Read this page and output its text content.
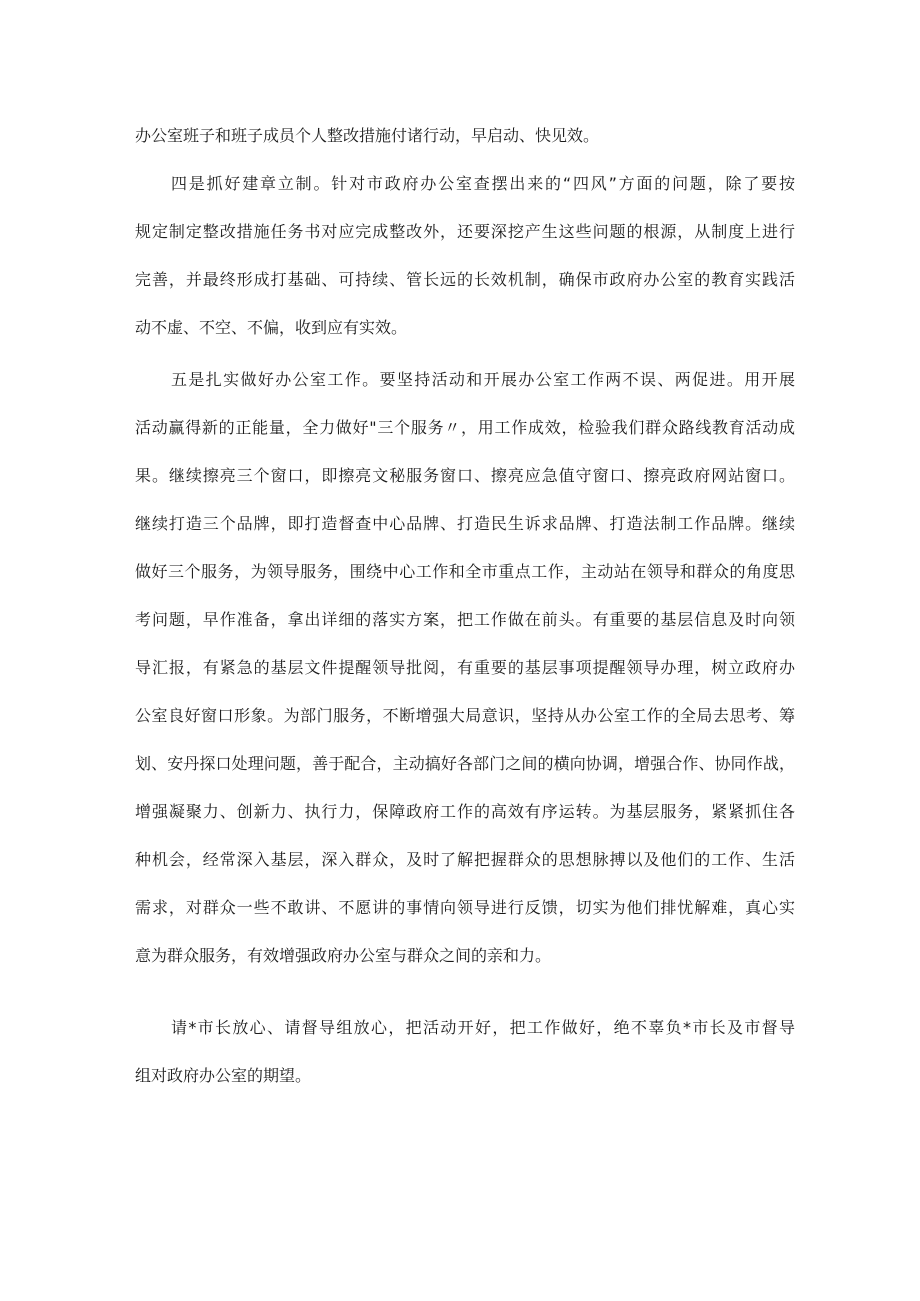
办公室班子和班子成员个人整改措施付诸行动，早启动、快见效。
四是抓好建章立制。针对市政府办公室查摆出来的“四风”方面的问题，除了要按
规定制定整改措施任务书对应完成整改外，还要深挖产生这些问题的根源，从制度上进行
完善，并最终形成打基础、可持续、管长远的长效机制，确保市政府办公室的教育实践活
动不虚、不空、不偏，收到应有实效。
五是扎实做好办公室工作。要坚持活动和开展办公室工作两不误、两促进。用开展
活动赢得新的正能量，全力做好"三个服务〃，用工作成效，检验我们群众路线教育活动成
果。继续擦亮三个窗口，即擦亮文秘服务窗口、擦亮应急值守窗口、擦亮政府网站窗口。
继续打造三个品牌，即打造督查中心品牌、打造民生诉求品牌、打造法制工作品牌。继续
做好三个服务，为领导服务，围绕中心工作和全市重点工作，主动站在领导和群众的角度思
考问题，早作准备，拿出详细的落实方案，把工作做在前头。有重要的基层信息及时向领
导汇报，有紧急的基层文件提醒领导批阅，有重要的基层事项提醒领导办理，树立政府办
公室良好窗口形象。为部门服务，不断增强大局意识，坚持从办公室工作的全局去思考、筹
划、安丹探口处理问题，善于配合，主动搞好各部门之间的横向协调，增强合作、协同作战，
增强凝聚力、创新力、执行力，保障政府工作的高效有序运转。为基层服务，紧紧抓住各
种机会，经常深入基层，深入群众，及时了解把握群众的思想脉搏以及他们的工作、生活
需求，对群众一些不敢讲、不愿讲的事情向领导进行反馈，切实为他们排忧解难，真心实
意为群众服务，有效增强政府办公室与群众之间的亲和力。
请*市长放心、请督导组放心，把活动开好，把工作做好，绝不辜负*市长及市督导
组对政府办公室的期望。
